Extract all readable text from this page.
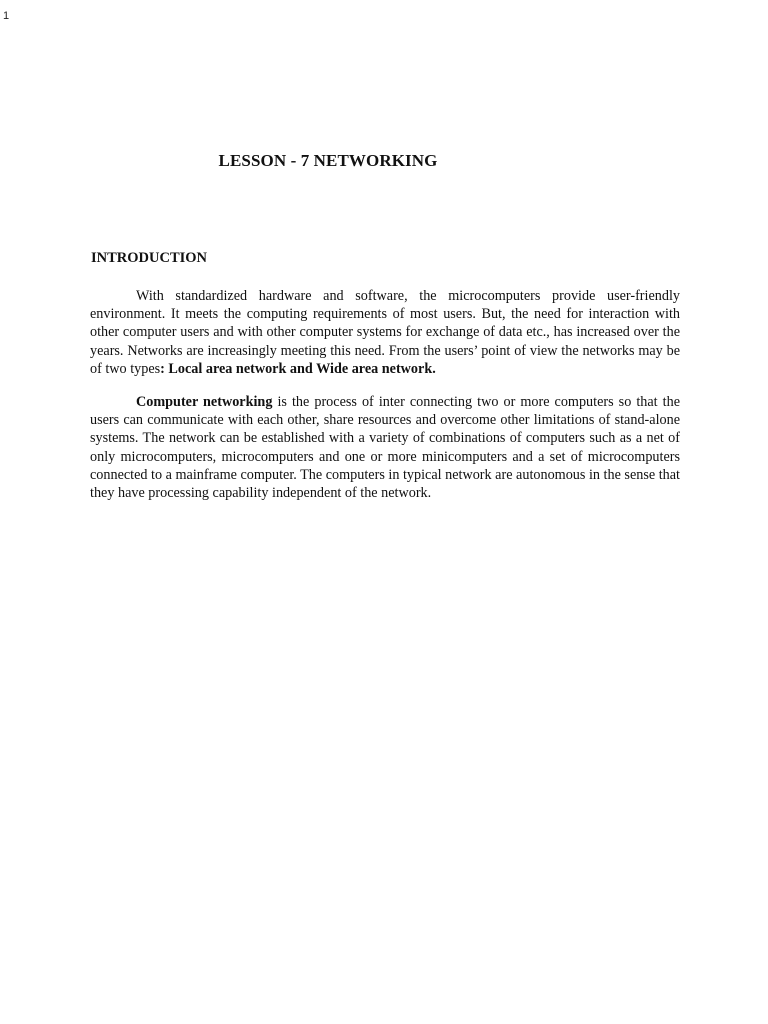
1
LESSON - 7 NETWORKING
INTRODUCTION

With standardized hardware and software, the microcomputers provide user-friendly environment. It meets the computing requirements of most users. But, the need for interaction with other computer users and with other computer systems for exchange of data etc., has increased over the years. Networks are increasingly meeting this need. From the users’ point of view the networks may be of two types: Local area network and Wide area network.

Computer networking is the process of inter connecting two or more computers so that the users can communicate with each other, share resources and overcome other limitations of stand-alone systems. The network can be established with a variety of combinations of computers such as a net of only microcomputers, microcomputers and one or more minicomputers and a set of microcomputers connected to a mainframe computer. The computers in typical network are autonomous in the sense that they have processing capability independent of the network.
